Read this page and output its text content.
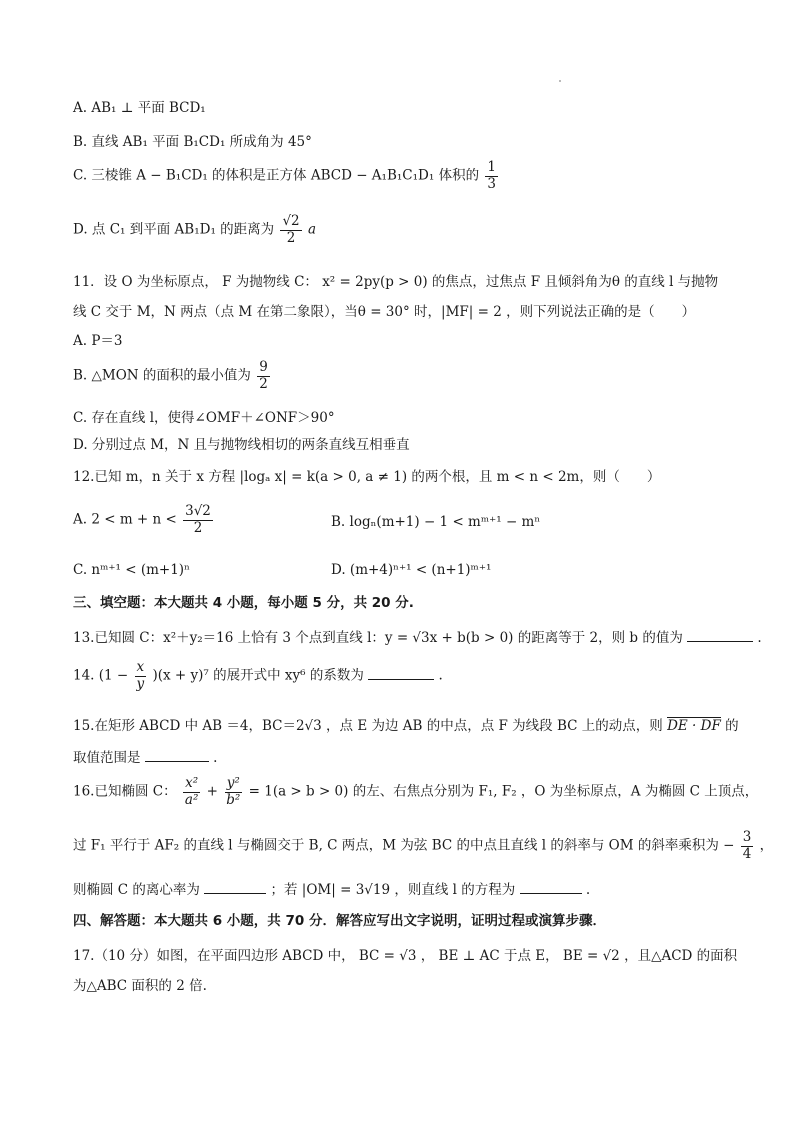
A. AB₁ ⊥ 平面 BCD₁
B. 直线 AB₁ 平面 B₁CD₁ 所成角为 45°
C. 三棱锥 A − B₁CD₁ 的体积是正方体 ABCD − A₁B₁C₁D₁ 体积的 $\frac{1}{3}$
D. 点 C₁ 到平面 AB₁D₁ 的距离为 $\frac{√2}{2}$ a
11．设 O 为坐标原点， F 为抛物线 C： x² = 2py(p > 0) 的焦点，过焦点 F 且倾斜角为θ 的直线 l 与抛物
线 C 交于 M，N 两点（点 M 在第二象限），当θ = 30° 时，|MF| = 2 ，则下列说法正确的是（　　）
A. P＝3
B. △MON 的面积的最小值为 $\frac{9}{2}$
C. 存在直线 l，使得∠OMF＋∠ONF＞90°
D. 分别过点 M，N 且与抛物线相切的两条直线互相垂直
12.已知 m，n 关于 x 方程 |logₐ x| = k(a > 0, a ≠ 1) 的两个根，且 m < n < 2m，则（　　）
A. $2 < m + n < \frac{3√2}{2}$	B. logₙ(m+1) − 1 < mᵐ⁺¹ − mⁿ
C. nᵐ⁺¹ < (m+1)ⁿ	D. (m+4)ⁿ⁺¹ < (n+1)ᵐ⁺¹
三、填空题：本大题共 4 小题，每小题 5 分，共 20 分.
13.已知圆 C：x²＋y₂＝16 上恰有 3 个点到直线 l：y = √3x + b(b > 0) 的距离等于 2，则 b 的值为	.
14. $(1 - \frac{x}{y} )(x + y)^7$ 的展开式中 xy⁶ 的系数为	.
15.在矩形 ABCD 中 AB ＝4，BC＝2√3 ，点 E 为边 AB 的中点，点 F 为线段 BC 上的动点，则 DE · DF 的
取值范围是	.
16.已知椭圆 C： $\frac{\text{x²}}{\text{a²}} + \frac{\text{y²}}{\text{b²}} = 1(a > b > 0)$ 的左、右焦点分别为 F₁, F₂ ，O 为坐标原点，A 为椭圆 C 上顶点，
过 F₁ 平行于 AF₂ 的直线 l 与椭圆交于 B, C 两点，M 为弦 BC 的中点且直线 l 的斜率与 OM 的斜率乘积为 − $\frac{3}{4}$ ，
则椭圆 C 的离心率为	；若 |OM| = 3√19 ，则直线 l 的方程为	.
四、解答题：本大题共 6 小题，共 70 分．解答应写出文字说明，证明过程或演算步骤．
17.（10 分）如图，在平面四边形 ABCD 中， BC = √3 ， BE ⊥ AC 于点 E， BE = √2 ，且△ACD 的面积
为△ABC 面积的 2 倍.
